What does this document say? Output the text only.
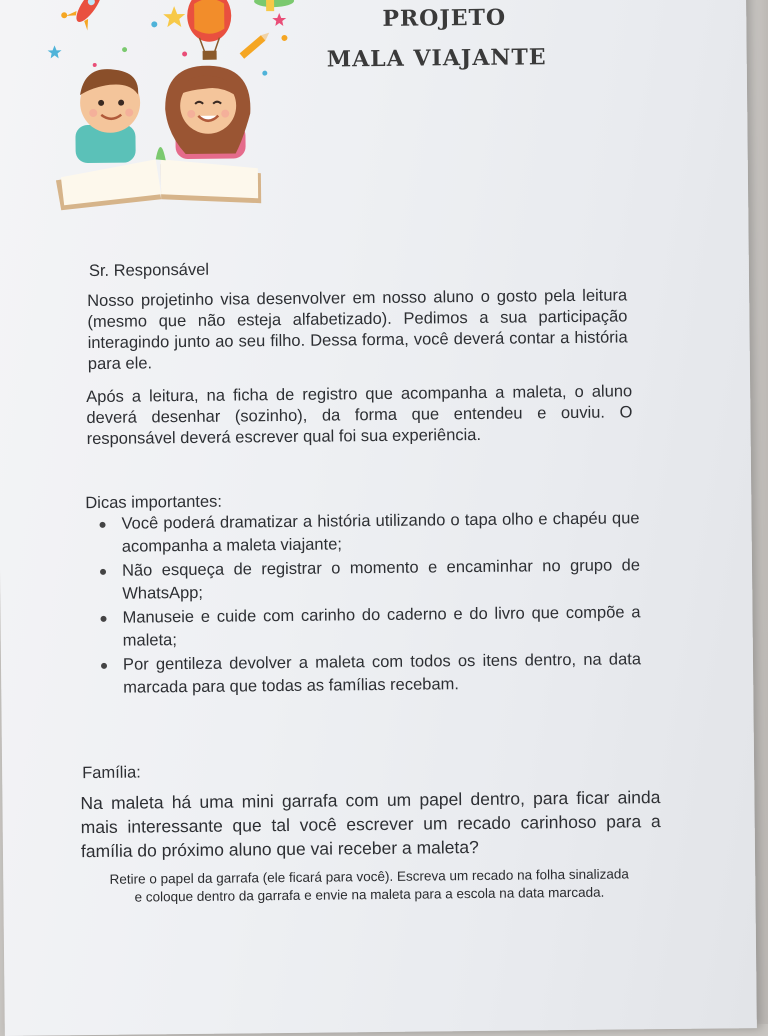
PROJETO
MALA VIAJANTE
Sr. Responsável
Nosso projetinho visa desenvolver em nosso aluno o gosto pela leitura (mesmo que não esteja alfabetizado). Pedimos a sua participação interagindo junto ao seu filho. Dessa forma, você deverá contar a história para ele.
Após a leitura, na ficha de registro que acompanha a maleta, o aluno deverá desenhar (sozinho), da forma que entendeu e ouviu. O responsável deverá escrever qual foi sua experiência.
Dicas importantes:
Você poderá dramatizar a história utilizando o tapa olho e chapéu que acompanha a maleta viajante;
Não esqueça de registrar o momento e encaminhar no grupo de WhatsApp;
Manuseie e cuide com carinho do caderno e do livro que compõe a maleta;
Por gentileza devolver a maleta com todos os itens dentro, na data marcada para que todas as famílias recebam.
Família:
Na maleta há uma mini garrafa com um papel dentro, para ficar ainda mais interessante que tal você escrever um recado carinhoso para a família do próximo aluno que vai receber a maleta?
Retire o papel da garrafa (ele ficará para você). Escreva um recado na folha sinalizada
e coloque dentro da garrafa e envie na maleta para a escola na data marcada.
